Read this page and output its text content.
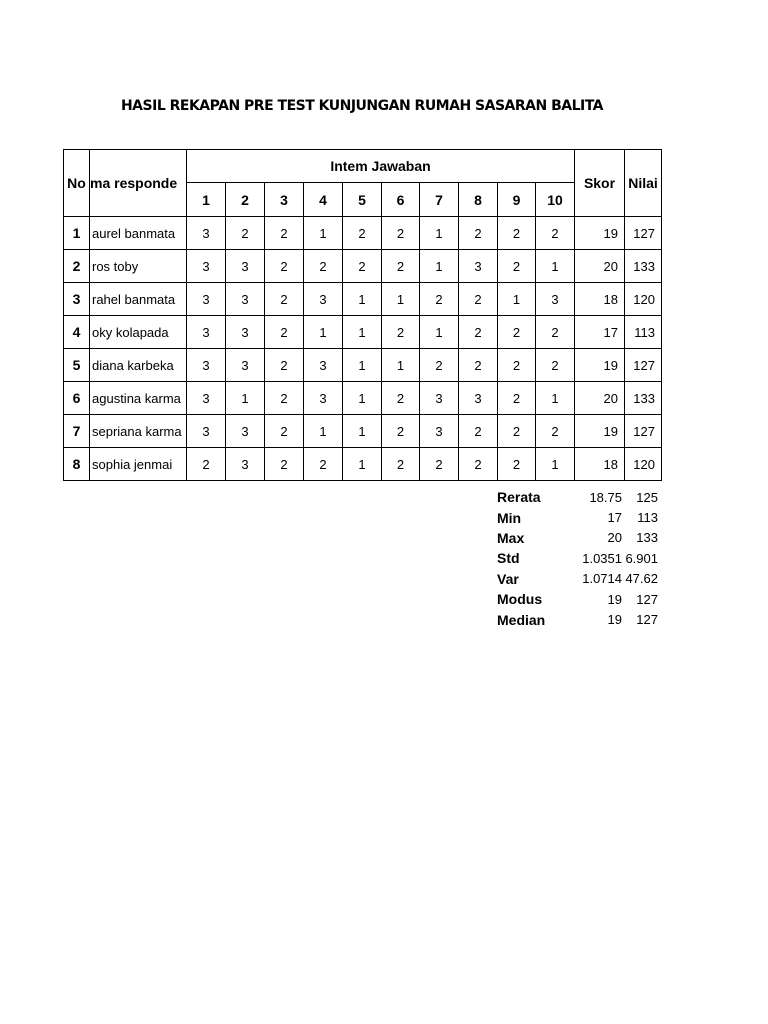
HASIL REKAPAN PRE TEST KUNJUNGAN RUMAH SASARAN BALITA
No	ma responde	Intem Jawaban										Skor	Nilai
		1	2	3	4	5	6	7	8	9	10		
1	aurel banmata	3	2	2	1	2	2	1	2	2	2	19	127
2	ros toby	3	3	2	2	2	2	1	3	2	1	20	133
3	rahel banmata	3	3	2	3	1	1	2	2	1	3	18	120
4	oky kolapada	3	3	2	1	1	2	1	2	2	2	17	113
5	diana karbeka	3	3	2	3	1	1	2	2	2	2	19	127
6	agustina karma	3	1	2	3	1	2	3	3	2	1	20	133
7	sepriana karma	3	3	2	1	1	2	3	2	2	2	19	127
8	sophia jenmai	2	3	2	2	1	2	2	2	2	1	18	120
Rerata	18.75	125
Min	17	113
Max	20	133
Std	1.0351	6.901
Var	1.0714	47.62
Modus	19	127
Median	19	127
